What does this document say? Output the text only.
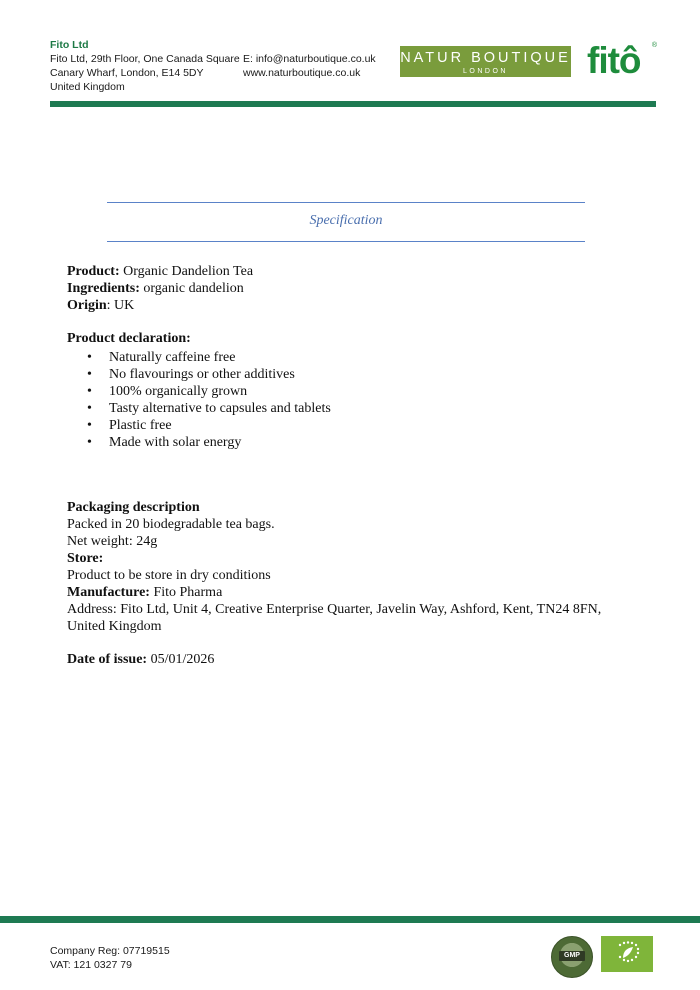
Fito Ltd
Fito Ltd, 29th Floor, One Canada Square
Canary Wharf, London, E14 5DY
United Kingdom
E: info@naturboutique.co.uk
www.naturboutique.co.uk
NATUR BOUTIQUE
LONDON	fitô ®
Specification

Product: Organic Dandelion Tea

Ingredients: organic dandelion

Origin: UK

Product declaration:

• Naturally caffeine free
• No flavourings or other additives
• 100% organically grown
• Tasty alternative to capsules and tablets
• Plastic free
• Made with solar energy

Packaging description

Packed in 20 biodegradable tea bags.

Net weight: 24g

Store:

Product to be store in dry conditions

Manufacture: Fito Pharma

Address: Fito Ltd, Unit 4, Creative Enterprise Quarter, Javelin Way, Ashford, Kent, TN24 8FN, United Kingdom

Date of issue: 05/01/2026

Company Reg: 07719515
VAT: 121 0327 79
GMP
